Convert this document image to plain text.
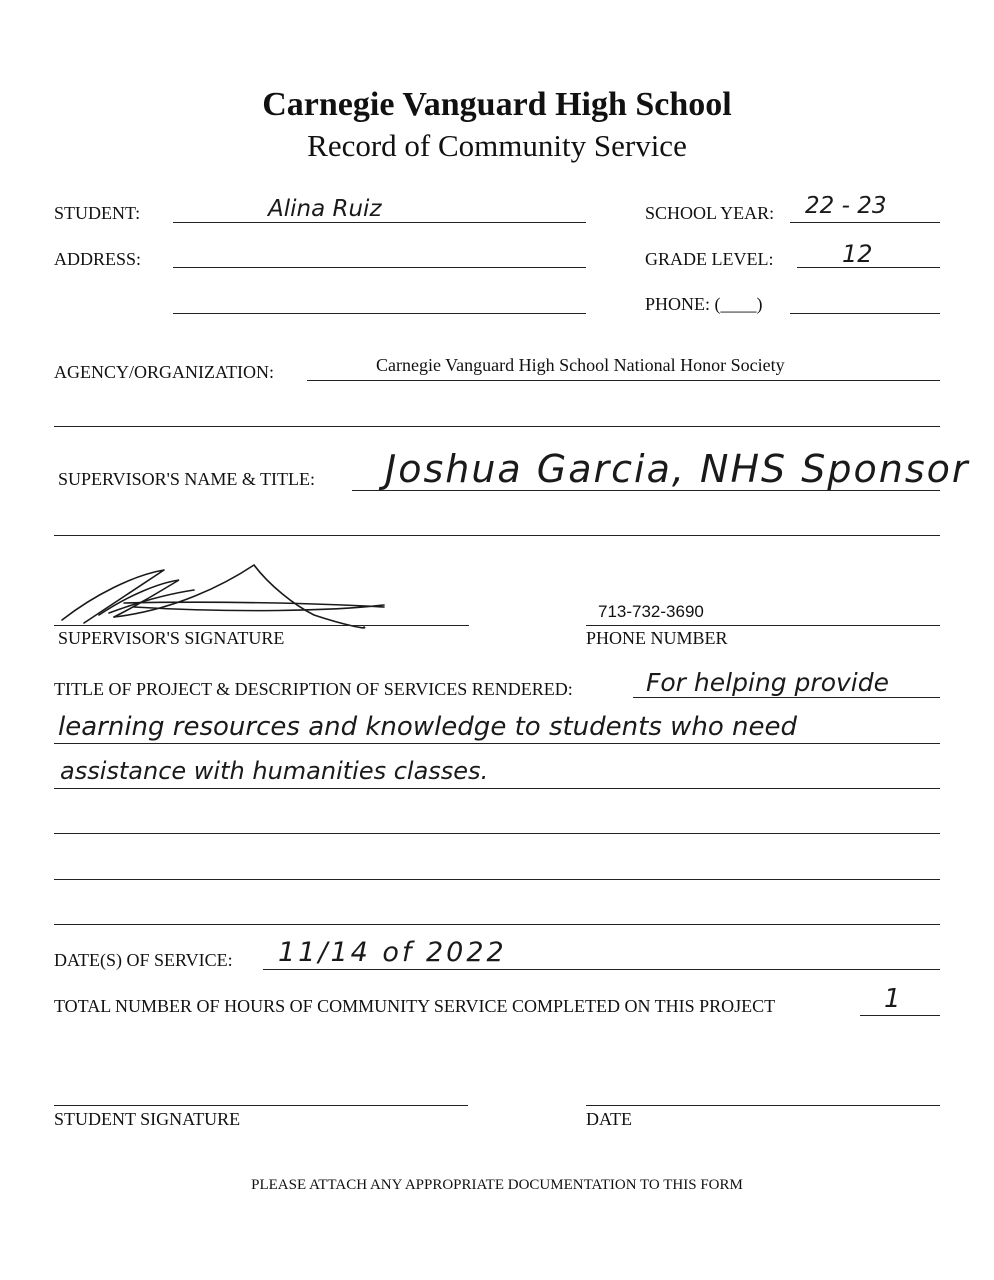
Carnegie Vanguard High School
Record of Community Service
STUDENT:	Alina Ruiz	SCHOOL YEAR: 22 - 23
ADDRESS:	GRADE LEVEL:	12
PHONE: (____)
AGENCY/ORGANIZATION:	Carnegie Vanguard High School National Honor Society
SUPERVISOR'S NAME & TITLE: Joshua Garcia, NHS Sponsor
SUPERVISOR'S SIGNATURE
713-732-3690
PHONE NUMBER
TITLE OF PROJECT & DESCRIPTION OF SERVICES RENDERED:	For helping provide
learning resources and knowledge to students who need
assistance with humanities classes.
DATE(S) OF SERVICE: 11/14 of 2022
TOTAL NUMBER OF HOURS OF COMMUNITY SERVICE COMPLETED ON THIS PROJECT	1
STUDENT SIGNATURE	DATE
PLEASE ATTACH ANY APPROPRIATE DOCUMENTATION TO THIS FORM
